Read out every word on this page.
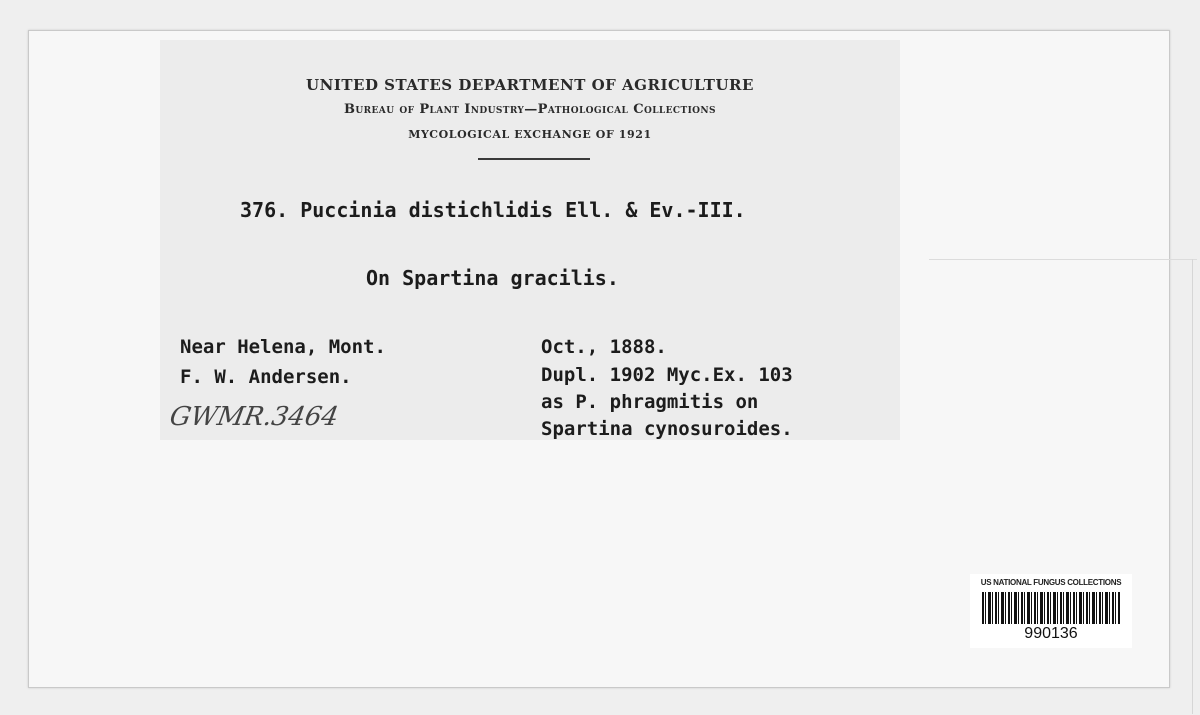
UNITED STATES DEPARTMENT OF AGRICULTURE
Bureau of Plant Industry—Pathological Collections
MYCOLOGICAL EXCHANGE OF 1921
376. Puccinia distichlidis Ell. & Ev.-III.
On Spartina gracilis.
Near Helena, Mont.
F. W. Andersen.
Oct., 1888.
Dupl. 1902 Myc.Ex. 103
as P. phragmitis on
Spartina cynosuroides.
GWMR.3464
US NATIONAL FUNGUS COLLECTIONS
990136
